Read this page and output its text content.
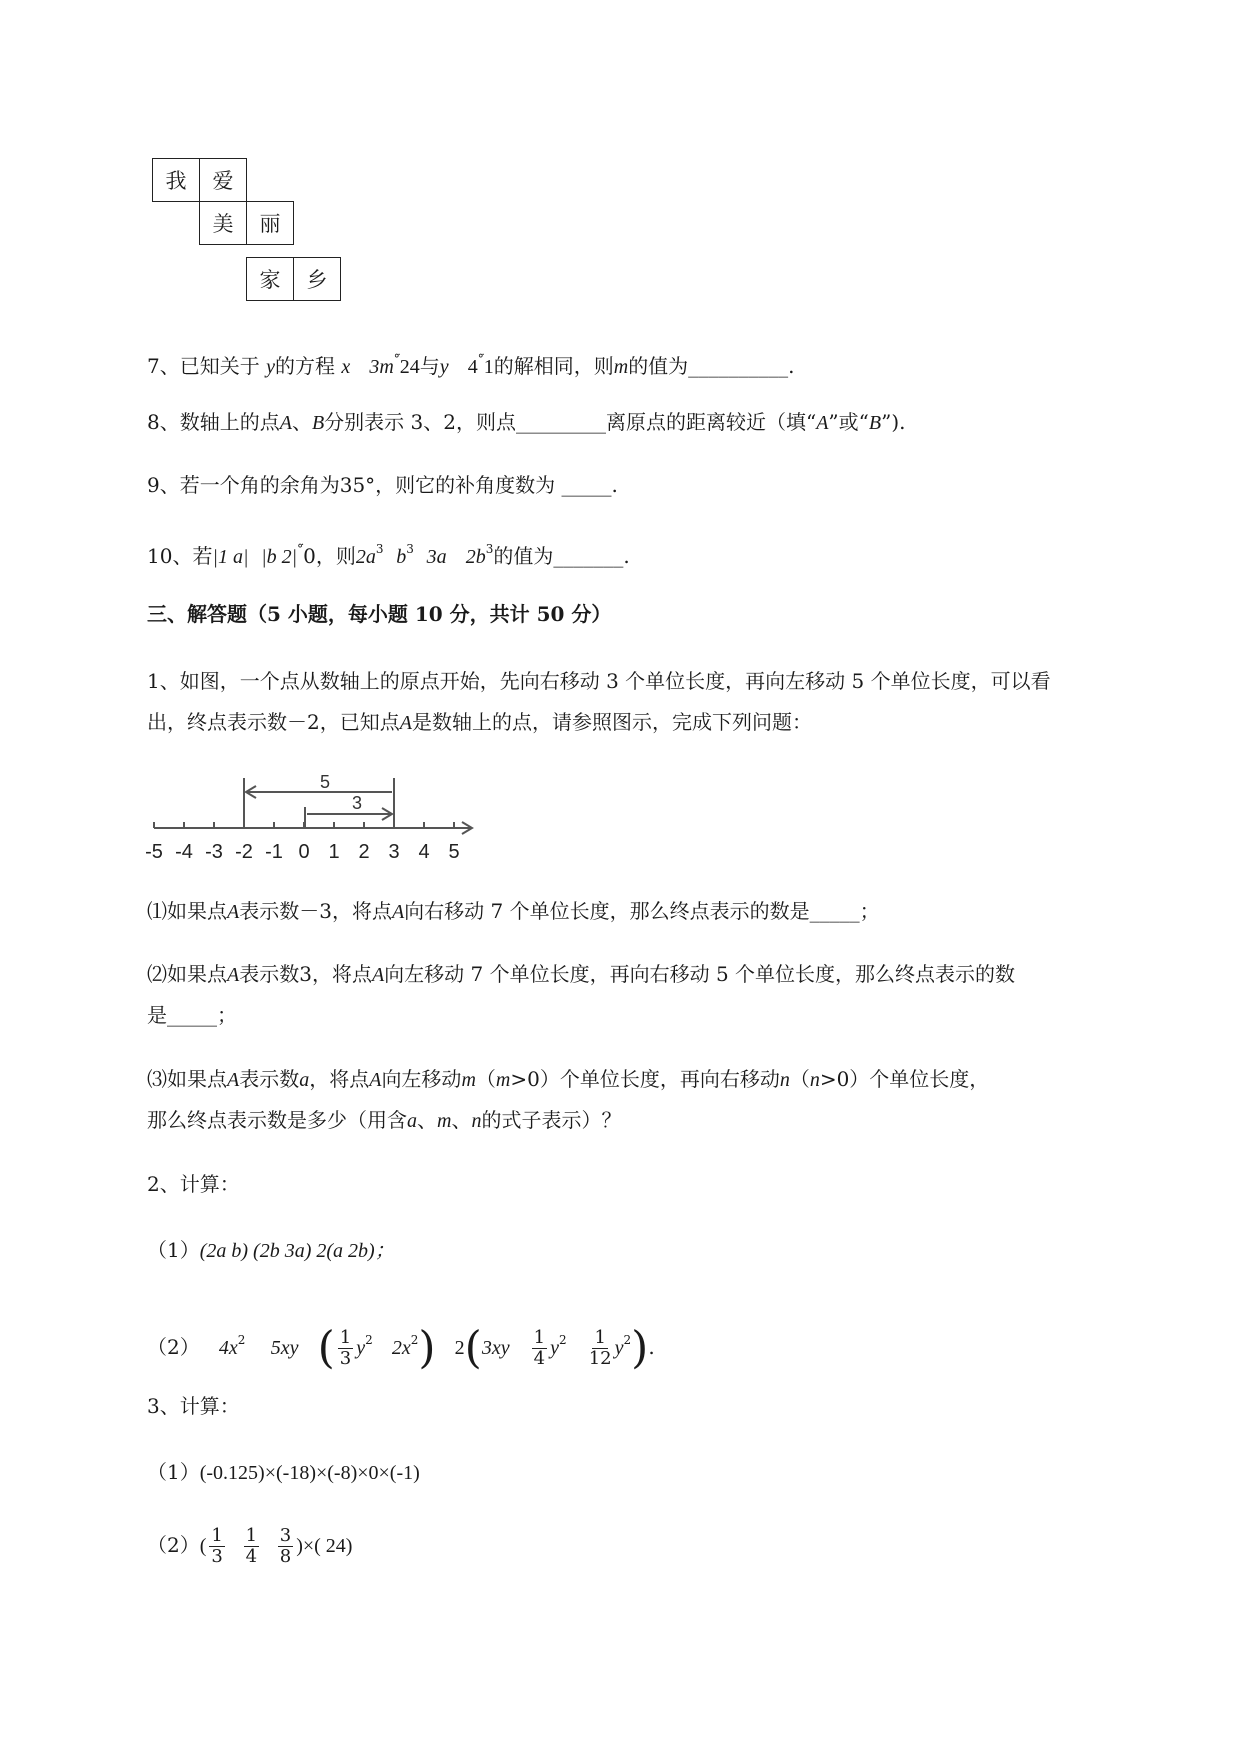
我	爱
美	丽
家	乡
7、已知关于 y的方程 x 3m°͘24与y 4°͘1的解相同，则m的值为__________.
8、数轴上的点A、B分别表示 3、2，则点_________离原点的距离较近（填“A”或“B”).
9、若一个角的余角为35°，则它的补角度数为 _____.
10、若|1 a| |b 2|°͘0，则$2a^3$ $b^3$ 3a $2b^3$的值为_______.
三、解答题（5 小题，每小题 10 分，共计 50 分）
1、如图，一个点从数轴上的原点开始，先向右移动 3 个单位长度，再向左移动 5 个单位长度，可以看
出，终点表示数－2，已知点A是数轴上的点，请参照图示，完成下列问题：
5
3
-5 -4 -3 -2 -1 0 1 2 3 4 5
⑴如果点A表示数－3，将点A向右移动 7 个单位长度，那么终点表示的数是_____；
⑵如果点A表示数3，将点A向左移动 7 个单位长度，再向右移动 5 个单位长度，那么终点表示的数
是_____；
⑶如果点A表示数a，将点A向左移动m（m>0）个单位长度，再向右移动n（n>0）个单位长度，
那么终点表示数是多少（用含a、m、n的式子表示）？
2、计算：
（1）(2a b) (2b 3a) 2(a 2b)；
（2） $4x^2$ 5xy ( $\frac{1}{3} y^2$ $2x^2$) $2(3xy \frac{1}{4} y^2 \frac{1}{12} y^2)$.
3、计算：
（1）(-0.125)×(-18)×(-8)×0×(-1)
$(2)( \frac{1}{3}$
$\frac{1}{4}$
$\frac{3}{8}$ )×( 24)
